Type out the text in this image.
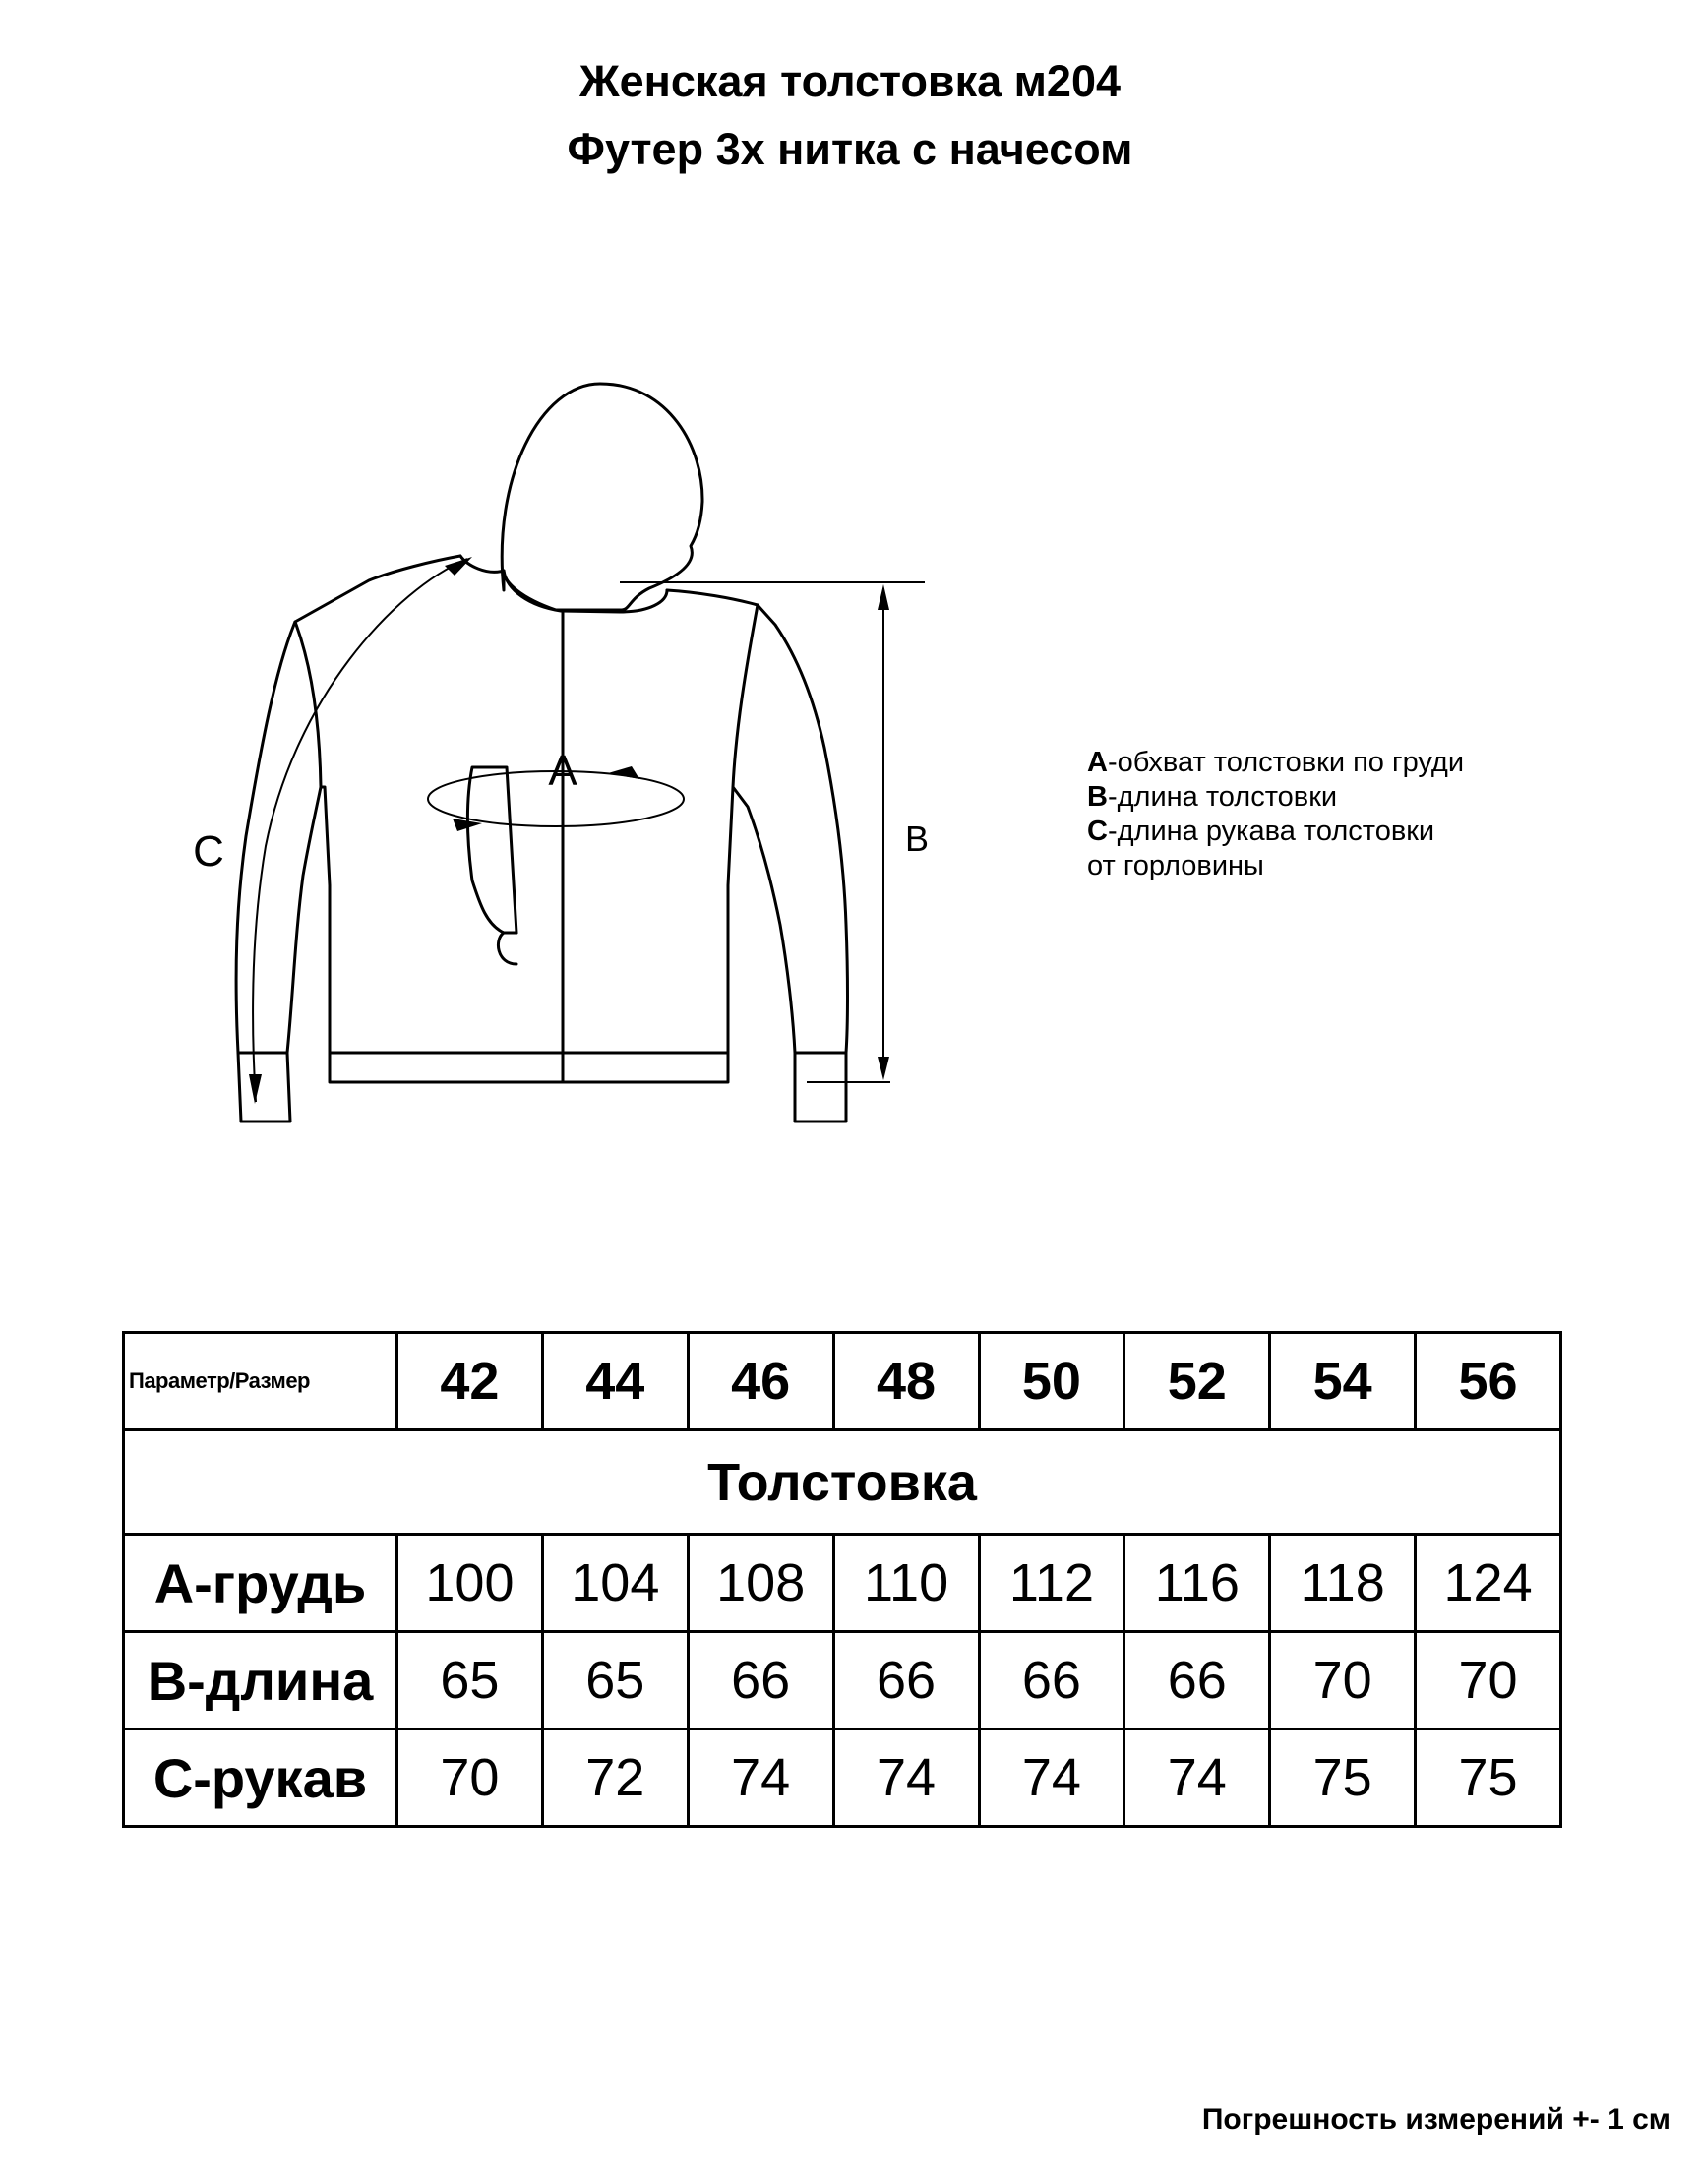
Женская толстовка м204
Футер 3х нитка с начесом
A
B
C
A-обхват толстовки по груди
B-длина толстовки
C-длина рукава толстовки
от горловины
Параметр/Размер	42	44	46	48	50	52	54	56
Толстовка								
А-грудь	100	104	108	110	112	116	118	124
В-длина	65	65	66	66	66	66	70	70
С-рукав	70	72	74	74	74	74	75	75
Погрешность измерений +- 1 см
